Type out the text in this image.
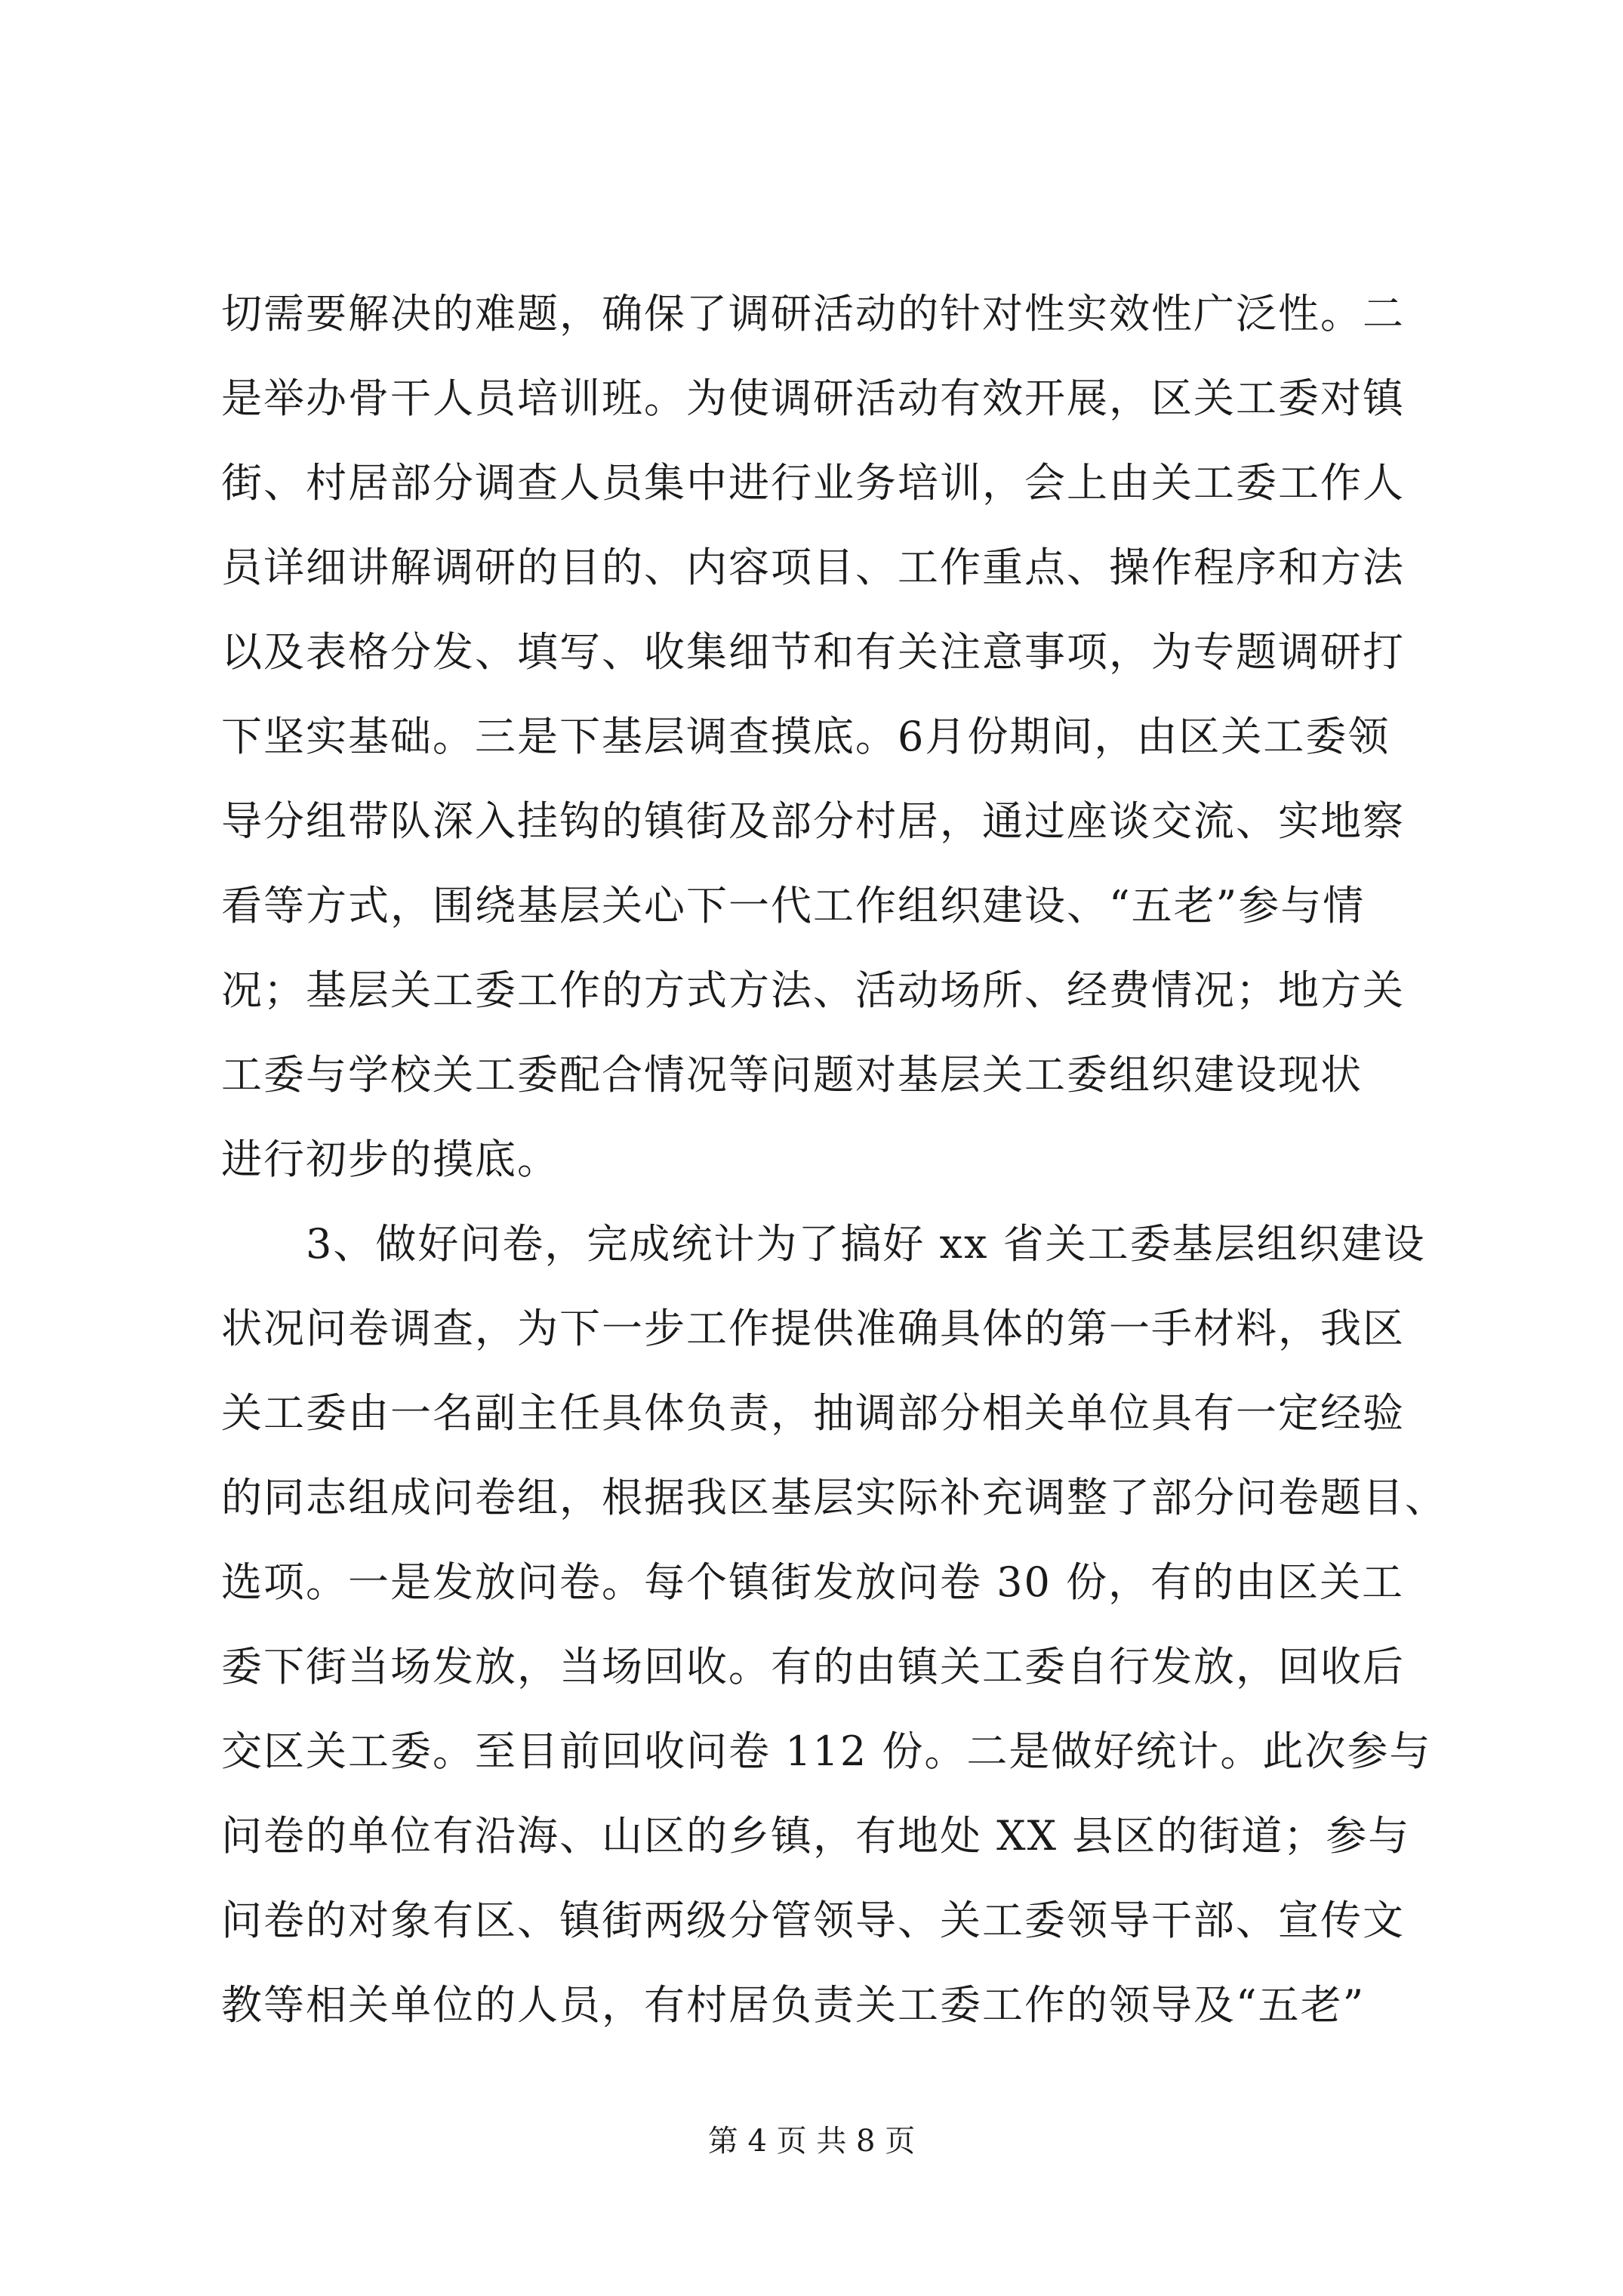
切需要解决的难题，确保了调研活动的针对性实效性广泛性。二
是举办骨干人员培训班。为使调研活动有效开展，区关工委对镇
街、村居部分调查人员集中进行业务培训，会上由关工委工作人
员详细讲解调研的目的、内容项目、工作重点、操作程序和方法
以及表格分发、填写、收集细节和有关注意事项，为专题调研打
下坚实基础。三是下基层调查摸底。6月份期间，由区关工委领
导分组带队深入挂钩的镇街及部分村居，通过座谈交流、实地察
看等方式，围绕基层关心下一代工作组织建设、“五老”参与情
况；基层关工委工作的方式方法、活动场所、经费情况；地方关
工委与学校关工委配合情况等问题对基层关工委组织建设现状
进行初步的摸底。
　　3、做好问卷，完成统计为了搞好 xx 省关工委基层组织建设
状况问卷调查，为下一步工作提供准确具体的第一手材料，我区
关工委由一名副主任具体负责，抽调部分相关单位具有一定经验
的同志组成问卷组，根据我区基层实际补充调整了部分问卷题目、
选项。一是发放问卷。每个镇街发放问卷 30 份，有的由区关工
委下街当场发放，当场回收。有的由镇关工委自行发放，回收后
交区关工委。至目前回收问卷 112 份。二是做好统计。此次参与
问卷的单位有沿海、山区的乡镇，有地处 XX 县区的街道；参与
问卷的对象有区、镇街两级分管领导、关工委领导干部、宣传文
教等相关单位的人员，有村居负责关工委工作的领导及“五老”
第 4 页 共 8 页
